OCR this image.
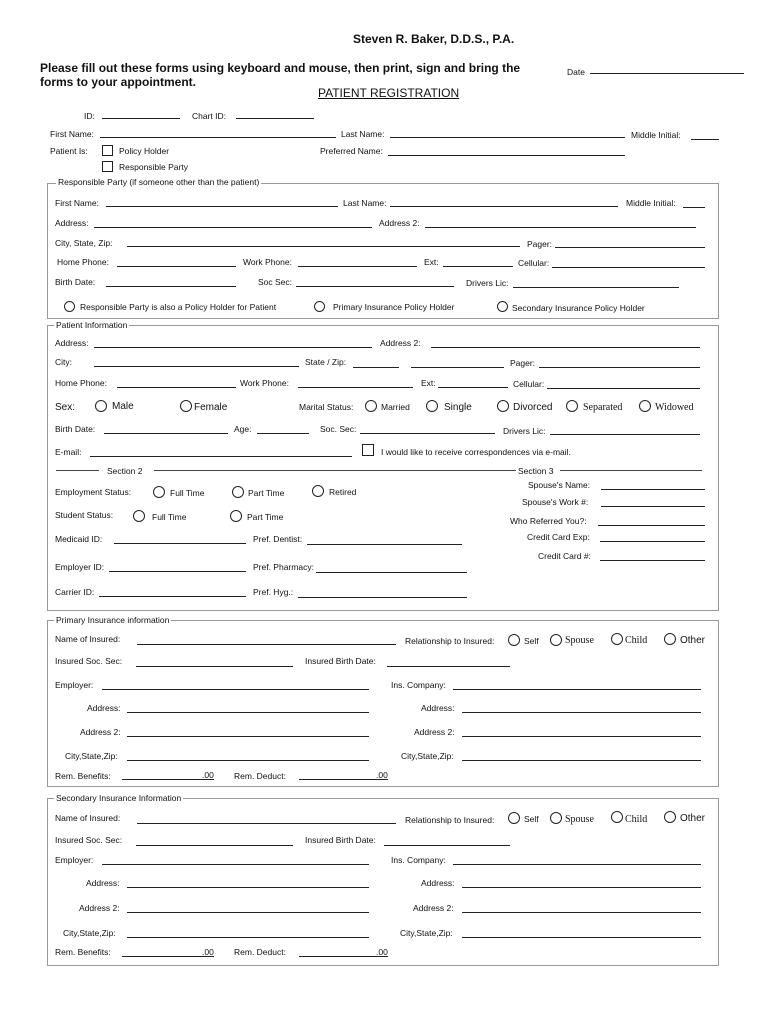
Steven R. Baker, D.D.S., P.A.
Please fill out these forms using keyboard and mouse, then print, sign and bring the forms to your appointment.
Date
PATIENT REGISTRATION
ID:	Chart ID:
First Name:	Last Name:	Middle Initial:
Patient Is:	Policy Holder
Responsible Party
Preferred Name:
Responsible Party (if someone other than the patient)
First Name:	Last Name:	Middle Initial:
Address:	Address 2:
City, State, Zip:	Pager:
Home Phone:	Work Phone:	Ext:	Cellular:
Birth Date:	Soc Sec:	Drivers Lic:
Responsible Party is also a Policy Holder for Patient	Primary Insurance Policy Holder	Secondary Insurance Policy Holder
Patient Information
Address:	Address 2:
City:	State / Zip:	Pager:
Home Phone:	Work Phone:	Ext:	Cellular:
Sex:	Male	Female	Marital Status:	Married	Single	Divorced	Separated	Widowed
Birth Date:	Age:	Soc. Sec:	Drivers Lic:
E-mail:	I would like to receive correspondences via e-mail.
Section 2
Employment Status:	Full Time	Part Time	Retired
Student Status:	Full Time	Part Time
Medicaid ID:	Pref. Dentist:
Employer ID:	Pref. Pharmacy:
Carrier ID:	Pref. Hyg.:
Section 3
Spouse's Name:
Spouse's Work #:
Who Referred You?:
Credit Card Exp:
Credit Card #:
Primary Insurance information
Name of Insured:	Relationship to Insured:	Self	Spouse	Child	Other
Insured Soc. Sec:	Insured Birth Date:
Employer:	Ins. Company:
Address:	Address:
Address 2:	Address 2:
City,State,Zip:	City,State,Zip:
Rem. Benefits:	.00 Rem. Deduct:	.00
Secondary Insurance Information
Name of Insured:	Relationship to Insured:	Self	Spouse	Child	Other
Insured Soc. Sec:	Insured Birth Date:
Employer:	Ins. Company:
Address:	Address:
Address 2:	Address 2:
City,State,Zip:	City,State,Zip:
Rem. Benefits:	.00 Rem. Deduct:	.00
